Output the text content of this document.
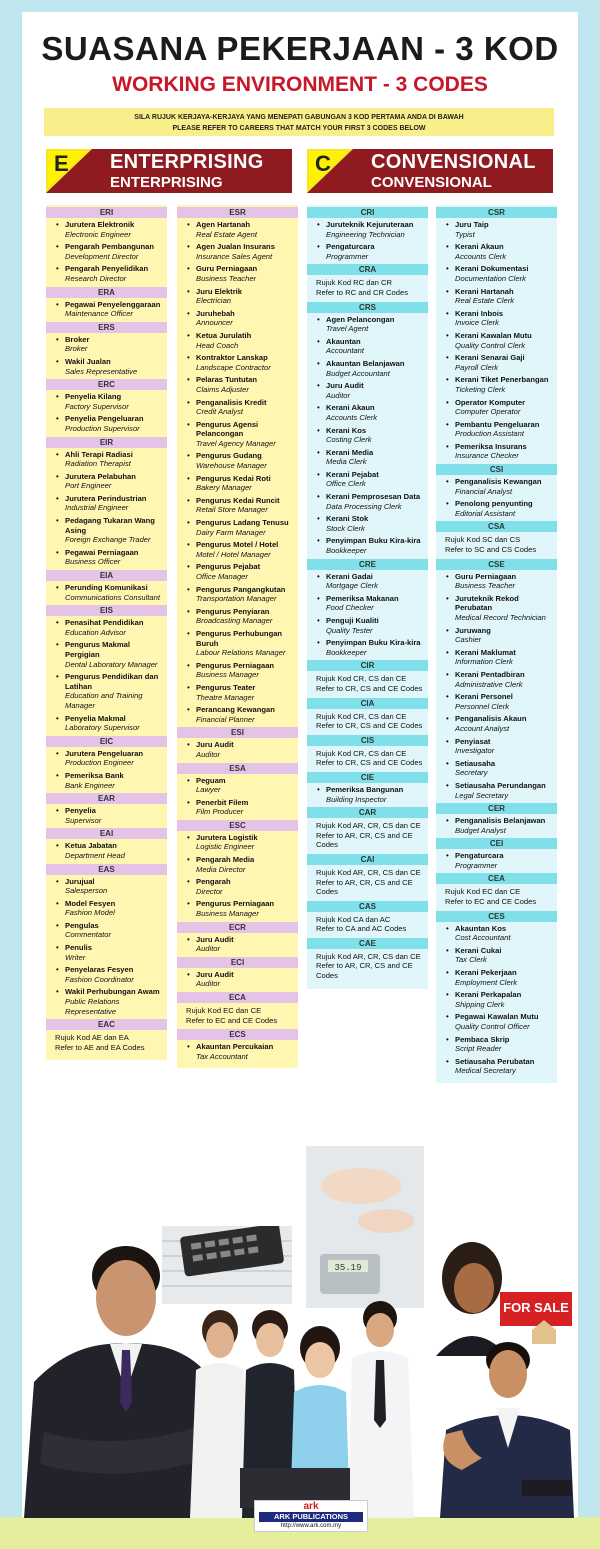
SUASANA PEKERJAAN - 3 KOD
WORKING ENVIRONMENT - 3 CODES
SILA RUJUK KERJAYA-KERJAYA YANG MENEPATI GABUNGAN 3 KOD PERTAMA ANDA DI BAWAH
PLEASE REFER TO CAREERS THAT MATCH YOUR FIRST 3 CODES BELOW
E ENTERPRISING
ENTERPRISING
C CONVENSIONAL
CONVENSIONAL
ERI
• Jurutera Elektronik
Electronic Engineer
• Pengarah Pembangunan
Development Director
• Pengarah Penyelidikan
Research Director
ERA
• Pegawai Penyelenggaraan
Maintenance Officer
ERS
• Broker
Broker
• Wakil Jualan
Sales Representative
ERC
• Penyelia Kilang
Factory Supervisor
• Penyelia Pengeluaran
Production Supervisor
EIR
• Ahli Terapi Radiasi
Radiation Therapist
• Jurutera Pelabuhan
Port Engineer
• Jurutera Perindustrian
Industrial Engineer
• Pedagang Tukaran Wang Asing
Foreign Exchange Trader
• Pegawai Perniagaan
Business Officer
EIA
• Perunding Komunikasi
Communications Consultant
EIS
• Penasihat Pendidikan
Education Advisor
• Pengurus Makmal Pergigian
Dental Laboratory Manager
• Pengurus Pendidikan dan Latihan
Education and Training Manager
• Penyelia Makmal
Laboratory Supervisor
EIC
• Jurutera Pengeluaran
Production Engineer
• Pemeriksa Bank
Bank Engineer
EAR
• Penyelia
Supervisor
EAI
• Ketua Jabatan
Department Head
EAS
• Jurujual
Salesperson
• Model Fesyen
Fashion Model
• Pengulas
Commentator
• Penulis
Writer
• Penyelaras Fesyen
Fashion Coordinator
• Wakil Perhubungan Awam
Public Relations Representative
EAC
Rujuk Kod AE dan EA
Refer to AE and EA Codes
ESR
• Agen Hartanah
Real Estate Agent
• Agen Jualan Insurans
Insurance Sales Agent
• Guru Perniagaan
Business Teacher
• Juru Elektrik
Electrician
• Juruhebah
Announcer
• Ketua Jurulatih
Head Coach
• Kontraktor Lanskap
Landscape Contractor
• Pelaras Tuntutan
Claims Adjuster
• Penganalisis Kredit
Credit Analyst
• Pengurus Agensi Pelancongan
Travel Agency Manager
• Pengurus Gudang
Warehouse Manager
• Pengurus Kedai Roti
Bakery Manager
• Pengurus Kedai Runcit
Retail Store Manager
• Pengurus Ladang Tenusu
Dairy Farm Manager
• Pengurus Motel / Hotel
Motel / Hotel Manager
• Pengurus Pejabat
Office Manager
• Pengurus Pangangkutan
Transportation Manager
• Pengurus Penyiaran
Broadcasting Manager
• Pengurus Perhubungan Buruh
Labour Relations Manager
• Pengurus Perniagaan
Business Manager
• Pengurus Teater
Theatre Manager
• Perancang Kewangan
Financial Planner
ESI
• Juru Audit
Auditor
ESA
• Peguam
Lawyer
• Penerbit Filem
Film Producer
ESC
• Jurutera Logistik
Logistic Engineer
• Pengarah Media
Media Director
• Pengarah
Director
• Pengurus Perniagaan
Business Manager
ECR
• Juru Audit
Auditor
ECI
• Juru Audit
Auditor
ECA
Rujuk Kod EC dan CE
Refer to EC and CE Codes
ECS
• Akauntan Percukaian
Tax Accountant
CRI
• Juruteknik Kejuruteraan
Engineering Technician
• Pengaturcara
Programmer
CRA
Rujuk Kod RC dan CR
Refer to RC and CR Codes
CRS
• Agen Pelancongan
Travel Agent
• Akauntan
Accountant
• Akauntan Belanjawan
Budget Accountant
• Juru Audit
Auditor
• Kerani Akaun
Accounts Clerk
• Kerani Kos
Costing Clerk
• Kerani Media
Media Clerk
• Kerani Pejabat
Office Clerk
• Kerani Pemprosesan Data
Data Processing Clerk
• Kerani Stok
Stock Clerk
• Penyimpan Buku Kira-kira
Bookkeeper
CRE
• Kerani Gadai
Mortgage Clerk
• Pemeriksa Makanan
Food Checker
• Penguji Kualiti
Quality Tester
• Penyimpan Buku Kira-kira
Bookkeeper
CIR
Rujuk Kod CR, CS dan CE
Refer to CR, CS and CE Codes
CIA
Rujuk Kod CR, CS dan CE
Refer to CR, CS and CE Codes
CIS
Rujuk Kod CR, CS dan CE
Refer to CR, CS and CE Codes
CIE
• Pemeriksa Bangunan
Building Inspector
CAR
Rujuk Kod AR, CR, CS dan CE
Refer to AR, CR, CS and CE Codes
CAI
Rujuk Kod AR, CR, CS dan CE
Refer to AR, CR, CS and CE Codes
CAS
Rujuk Kod CA dan AC
Refer to CA and AC Codes
CAE
Rujuk Kod AR, CR, CS dan CE
Refer to AR, CR, CS and CE Codes
CSR
• Juru Taip
Typist
• Kerani Akaun
Accounts Clerk
• Kerani Dokumentasi
Documentation Clerk
• Kerani Hartanah
Real Estate Clerk
• Kerani Inbois
Invoice Clerk
• Kerani Kawalan Mutu
Quality Control Clerk
• Kerani Senarai Gaji
Payroll Clerk
• Kerani Tiket Penerbangan
Ticketing Clerk
• Operator Komputer
Computer Operator
• Pembantu Pengeluaran
Production Assistant
• Pemeriksa Insurans
Insurance Checker
CSI
• Penganalisis Kewangan
Financial Analyst
• Penolong penyunting
Editorial Assistant
CSA
Rujuk Kod SC dan CS
Refer to SC and CS Codes
CSE
• Guru Perniagaan
Business Teacher
• Juruteknik Rekod Perubatan
Medical Record Technician
• Juruwang
Cashier
• Kerani Maklumat
Information Clerk
• Kerani Pentadbiran
Administrative Clerk
• Kerani Personel
Personnel Clerk
• Penganalisis Akaun
Account Analyst
• Penyiasat
Investigator
• Setiausaha
Secretary
• Setiausaha Perundangan
Legal Secretary
CER
• Penganalisis Belanjawan
Budget Analyst
CEI
• Pengaturcara
Programmer
CEA
Rujuk Kod EC dan CE
Refer to EC and CE Codes
CES
• Akauntan Kos
Cost Accountant
• Kerani Cukai
Tax Clerk
• Kerani Pekerjaan
Employment Clerk
• Kerani Perkapalan
Shipping Clerk
• Pegawai Kawalan Mutu
Quality Control Officer
• Pembaca Skrip
Script Reader
• Setiausaha Perubatan
Medical Secretary
35.19
FOR SALE
ark
ARK PUBLICATIONS
http://www.ark.com.my
